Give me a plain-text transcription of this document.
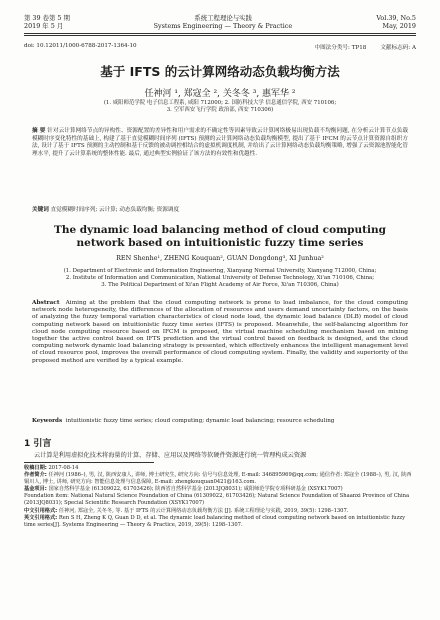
第 39 卷第 5 期	系统工程理论与实践	Vol.39, No.5
2019 年 5 月	Systems Engineering — Theory & Practice	May, 2019
doi: 10.12011/1000-6788-2017-1364-10	中图法分类号: TP18	文献标志码: A
基于 IFTS 的云计算网络动态负载均衡方法
任神河 ¹, 郑寇全 ², 关冬冬 ³, 惠军华 ²
(1. 咸阳师范学院 电子信息工程系, 咸阳 712000; 2. 国防科技大学 信息通信学院, 西安 710106;
3. 空军西安飞行学院 政治部, 西安 710306)
摘 要 针对云计算网络节点的异构性、资源配置的差异性和用户需求的不确定性等因素导致云计算网络极易出现负载不均衡问题, 在分析云计算节点负载模糊时序变化特性的基础上, 构建了基于直觉模糊时间序列 (IFTS) 预测的云计算网络动态负载均衡模型, 提出了基于 IFCM 的云节点计算资源自组织方法, 设计了基于 IFTS 预测的主动控制和基于反馈的被动调控相结合的虚拟机调度机制, 并给出了云计算网络动态负载均衡策略, 增强了云资源池智能化管理水平, 提升了云计算系统的整体性能. 最后, 通过典型实例验证了该方法的有效性和优越性.
关键词 直觉模糊时间序列; 云计算; 动态负载均衡; 资源调度
The dynamic load balancing method of cloud computing network based on intuitionistic fuzzy time series
REN Shenhe¹, ZHENG Kouquan², GUAN Dongdong³, XI Junhua²
(1. Department of Electronic and Information Engineering, Xianyang Normal University, Xianyang 712000, China;
2. Institute of Information and Communication, National University of Defense Technology, Xi'an 710106, China;
3. The Political Department of Xi'an Flight Academy of Air Force, Xi'an 710306, China)
Abstract Aiming at the problem that the cloud computing network is prone to load imbalance, for the cloud computing network node heterogeneity, the differences of the allocation of resources and users demand uncertainty factors, on the basis of analyzing the fuzzy temporal variation characteristics of cloud node load, the dynamic load balance (DLB) model of cloud computing network based on intuitionistic fuzzy time series (IFTS) is proposed. Meanwhile, the self-balancing algorithm for cloud node computing resource based on IFCM is proposed, the virtual machine scheduling mechanism based on mixing together the active control based on IFTS prediction and the virtual control based on feedback is designed, and the cloud computing network dynamic load balancing strategy is presented, which effectively enhances the intelligent management level of cloud resource pool, improves the overall performance of cloud computing system. Finally, the validity and superiority of the proposed method are verified by a typical example.
Keywords intuitionistic fuzzy time series; cloud computing; dynamic load balancing; resource scheduling
1 引言
云计算是利用虚拟化技术将海量的计算、存储、应用以及网络等软硬件资源进行统一管理构成云资源

收稿日期: 2017-08-14

作者简介: 任神河 (1986–), 男, 汉, 陕西安康人, 讲师, 博士研究生, 研究方向: 信号与信息处理, E-mail: 346895969@qq.com; 通信作者: 郑寇全 (1988–), 男, 汉, 陕西铜川人, 博士, 讲师, 研究方向: 智能信息处理与信息保障, E-mail: zhengkouquan0421@163.com.

基金项目: 国家自然科学基金 (61309022, 61703426); 陕西省自然科学基金 (2013JQ8031); 咸阳师范学院专项科研基金 (XSYK17007)

Foundation item: National Natural Science Foundation of China (61309022, 61703426); Natural Science Foundation of Shaanxi Province of China (2013JQ8031); Special Scientific Research Foundation (XSYK17007)

中文引用格式: 任神河, 郑寇全, 关冬冬, 等. 基于 IFTS 的云计算网络动态负载均衡方法 [J]. 系统工程理论与实践, 2019, 39(5): 1298–1307.

英文引用格式: Ren S H, Zheng K Q, Guan D D, et al. The dynamic load balancing method of cloud computing network based on intuitionistic fuzzy time series[J]. Systems Engineering — Theory & Practice, 2019, 39(5): 1298–1307.
